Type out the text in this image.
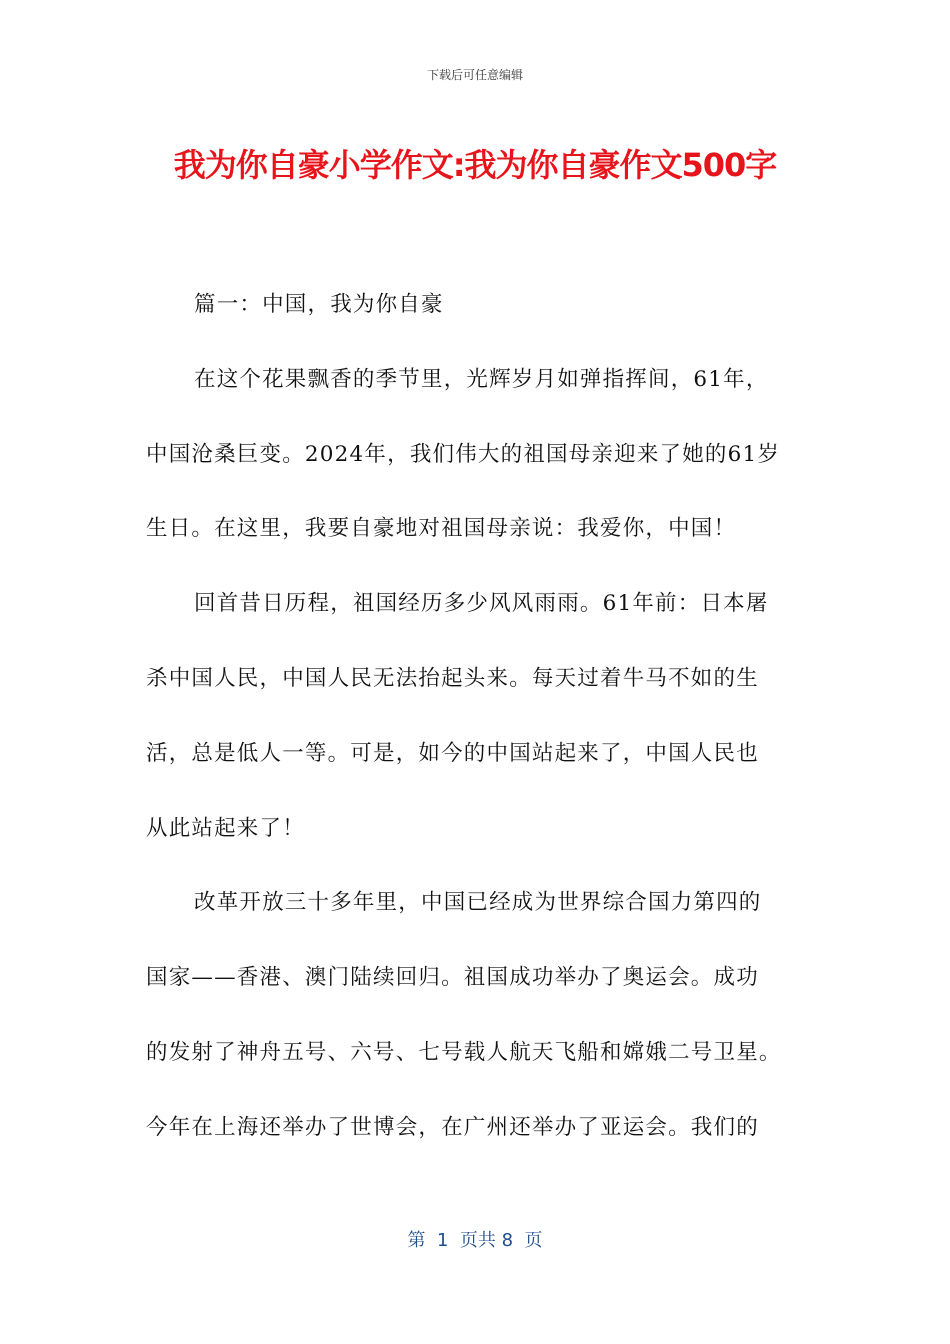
下载后可任意编辑
我为你自豪小学作文:我为你自豪作文500字
篇一：中国，我为你自豪
在这个花果飘香的季节里，光辉岁月如弹指挥间，61年，
中国沧桑巨变。2024年，我们伟大的祖国母亲迎来了她的61岁
生日。在这里，我要自豪地对祖国母亲说：我爱你，中国！
回首昔日历程，祖国经历多少风风雨雨。61年前：日本屠
杀中国人民，中国人民无法抬起头来。每天过着牛马不如的生
活，总是低人一等。可是，如今的中国站起来了，中国人民也
从此站起来了！
改革开放三十多年里，中国已经成为世界综合国力第四的
国家——香港、澳门陆续回归。祖国成功举办了奥运会。成功
的发射了神舟五号、六号、七号载人航天飞船和嫦娥二号卫星。
今年在上海还举办了世博会，在广州还举办了亚运会。我们的
第  1  页共 8  页
